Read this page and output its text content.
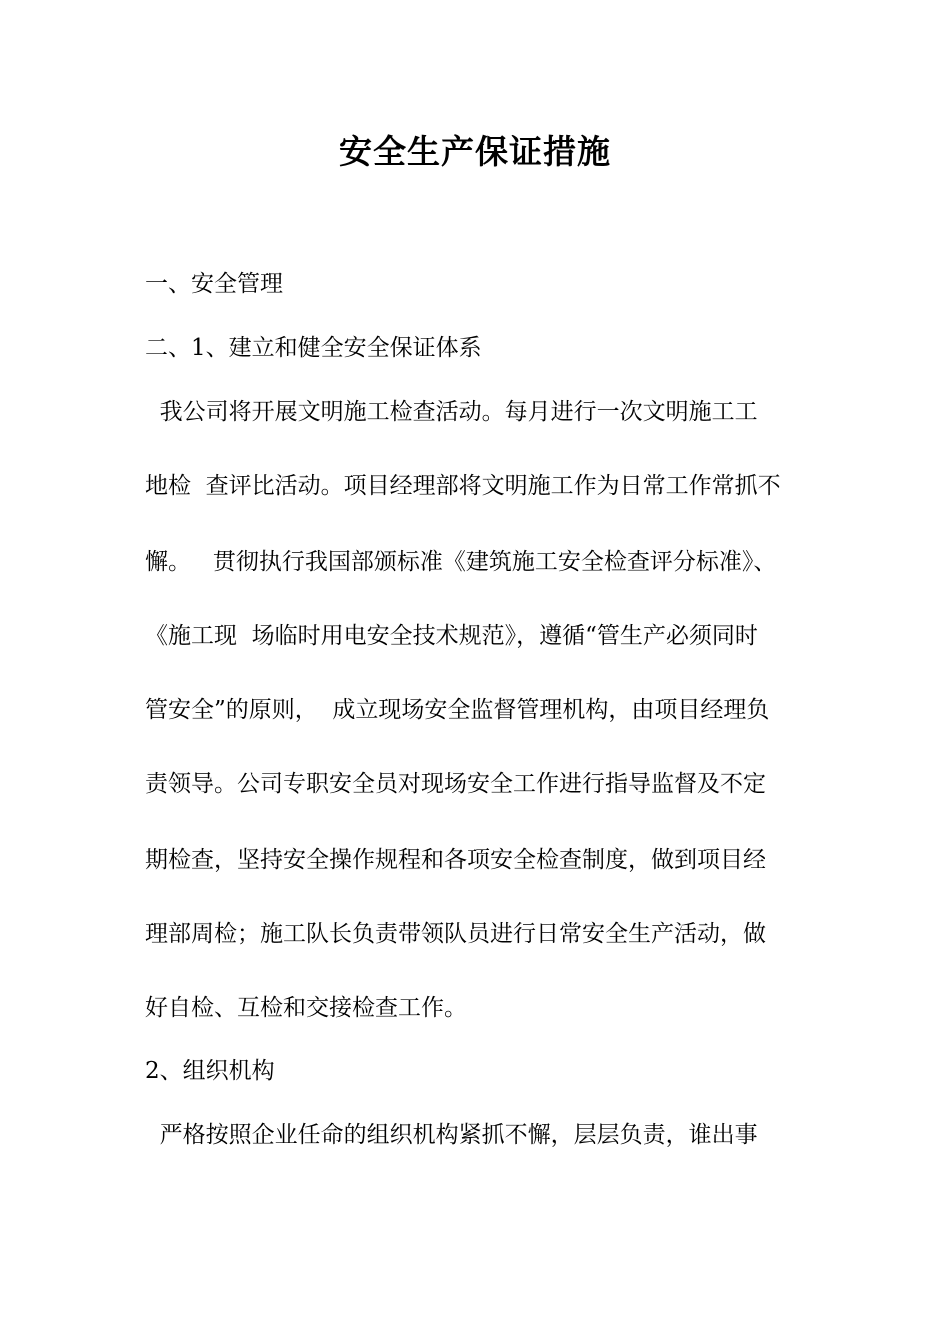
安全生产保证措施
一、安全管理
二、1、建立和健全安全保证体系
我公司将开展文明施工检查活动。每月进行一次文明施工工
地检  查评比活动。项目经理部将文明施工作为日常工作常抓不
懈。   贯彻执行我国部颁标准《建筑施工安全检查评分标准》、
《施工现  场临时用电安全技术规范》，遵循“管生产必须同时
管安全”的原则，  成立现场安全监督管理机构，由项目经理负
责领导。公司专职安全员对现场安全工作进行指导监督及不定
期检查，坚持安全操作规程和各项安全检查制度，做到项目经
理部周检；施工队长负责带领队员进行日常安全生产活动，做
好自检、互检和交接检查工作。
2、组织机构
严格按照企业任命的组织机构紧抓不懈，层层负责，谁出事
